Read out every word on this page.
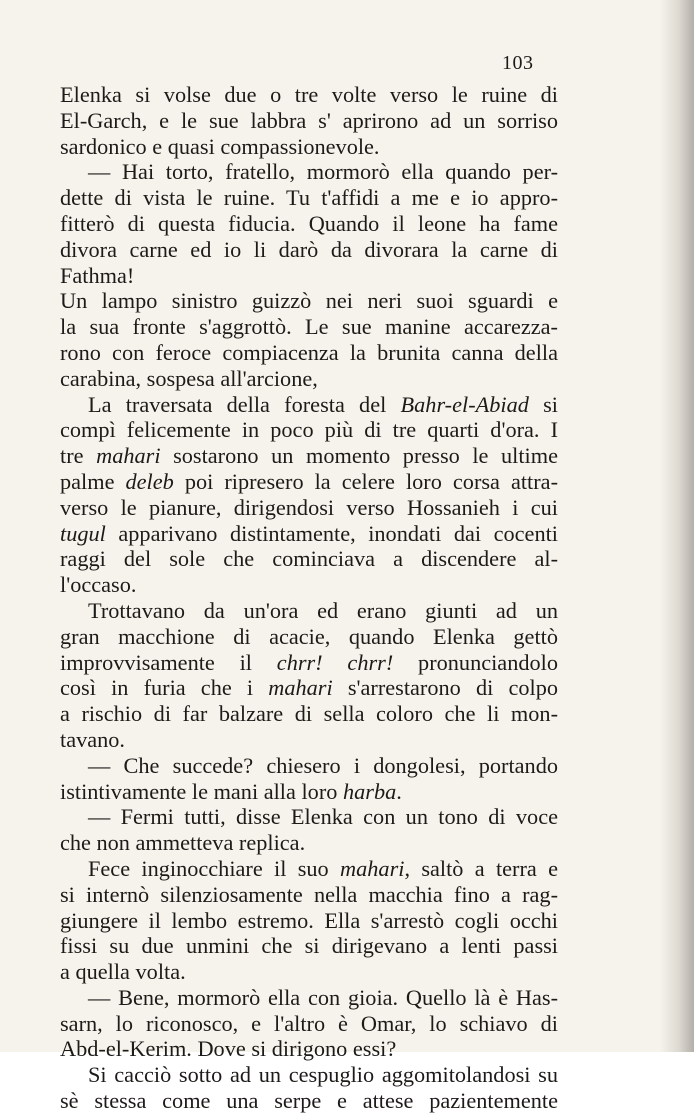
103
Elenka si volse due o tre volte verso le ruine di
El-Garch, e le sue labbra s' aprirono ad un sorriso
sardonico e quasi compassionevole.
— Hai torto, fratello, mormorò ella quando per-
dette di vista le ruine. Tu t'affidi a me e io appro-
fitterò di questa fiducia. Quando il leone ha fame
divora carne ed io li darò da divorara la carne di
Fathma!
Un lampo sinistro guizzò nei neri suoi sguardi e
la sua fronte s'aggrottò. Le sue manine accarezza-
rono con feroce compiacenza la brunita canna della
carabina, sospesa all'arcione,
La traversata della foresta del Bahr-el-Abiad si
compì felicemente in poco più di tre quarti d'ora. I
tre mahari sostarono un momento presso le ultime
palme deleb poi ripresero la celere loro corsa attra-
verso le pianure, dirigendosi verso Hossanieh i cui
tugul apparivano distintamente, inondati dai cocenti
raggi del sole che cominciava a discendere al-
l'occaso.
Trottavano da un'ora ed erano giunti ad un
gran macchione di acacie, quando Elenka gettò
improvvisamente il chrr! chrr! pronunciandolo
così in furia che i mahari s'arrestarono di colpo
a rischio di far balzare di sella coloro che li mon-
tavano.
— Che succede? chiesero i dongolesi, portando
istintivamente le mani alla loro harba.
— Fermi tutti, disse Elenka con un tono di voce
che non ammetteva replica.
Fece inginocchiare il suo mahari, saltò a terra e
si internò silenziosamente nella macchia fino a rag-
giungere il lembo estremo. Ella s'arrestò cogli occhi
fissi su due unmini che si dirigevano a lenti passi
a quella volta.
— Bene, mormorò ella con gioia. Quello là è Has-
sarn, lo riconosco, e l'altro è Omar, lo schiavo di
Abd-el-Kerim. Dove si dirigono essi?
Si cacciò sotto ad un cespuglio aggomitolandosi su
sè stessa come una serpe e attese pazientemente
